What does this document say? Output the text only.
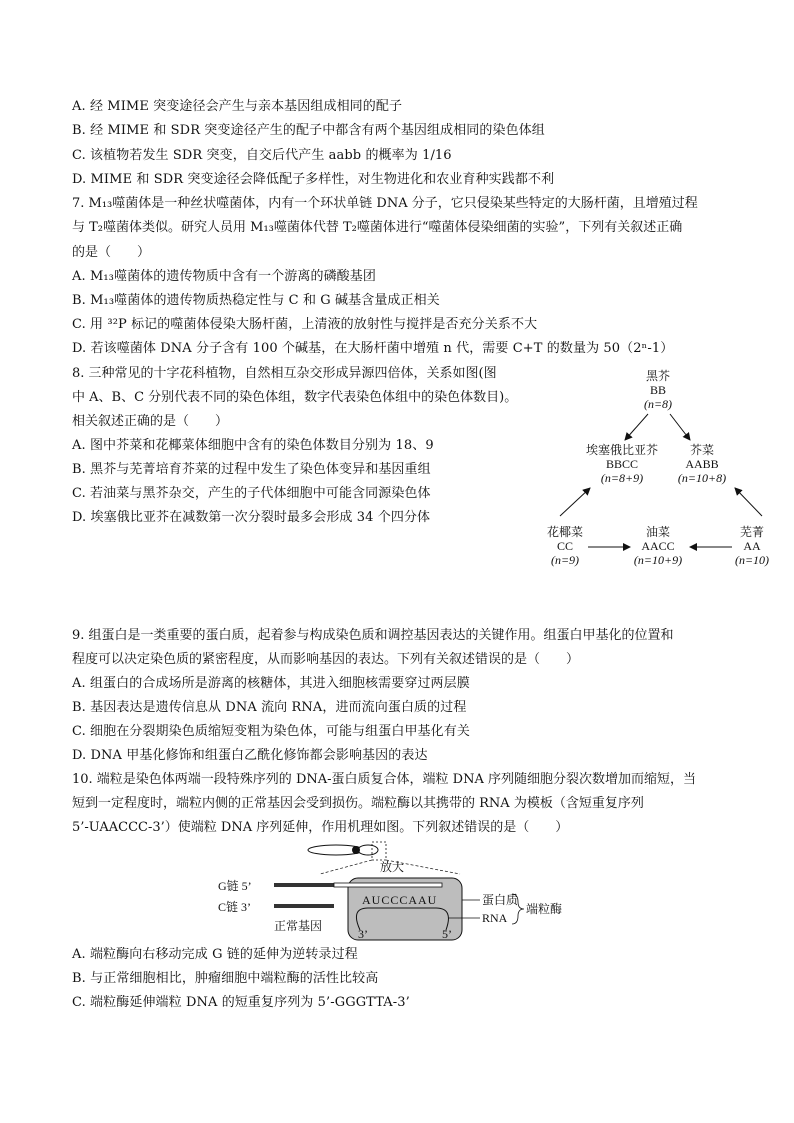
A. 经 MIME 突变途径会产生与亲本基因组成相同的配子
B. 经 MIME 和 SDR 突变途径产生的配子中都含有两个基因组成相同的染色体组
C. 该植物若发生 SDR 突变，自交后代产生 aabb 的概率为 1/16
D. MIME 和 SDR 突变途径会降低配子多样性，对生物进化和农业育种实践都不利
7. M₁₃噬菌体是一种丝状噬菌体，内有一个环状单链 DNA 分子，它只侵染某些特定的大肠杆菌，且增殖过程
与 T₂噬菌体类似。研究人员用 M₁₃噬菌体代替 T₂噬菌体进行“噬菌体侵染细菌的实验”，下列有关叙述正确
的是（　　）
A. M₁₃噬菌体的遗传物质中含有一个游离的磷酸基团
B. M₁₃噬菌体的遗传物质热稳定性与 C 和 G 碱基含量成正相关
C. 用 ³²P 标记的噬菌体侵染大肠杆菌，上清液的放射性与搅拌是否充分关系不大
D. 若该噬菌体 DNA 分子含有 100 个碱基，在大肠杆菌中增殖 n 代，需要 C+T 的数量为 50（2ⁿ-1）
8. 三种常见的十字花科植物，自然相互杂交形成异源四倍体，关系如图(图
中 A、B、C 分别代表不同的染色体组，数字代表染色体组中的染色体数目)。
相关叙述正确的是（　　）
A. 图中芥菜和花椰菜体细胞中含有的染色体数目分别为 18、9
B. 黑芥与芜菁培育芥菜的过程中发生了染色体变异和基因重组
C. 若油菜与黑芥杂交，产生的子代体细胞中可能含同源染色体
D. 埃塞俄比亚芥在减数第一次分裂时最多会形成 34 个四分体
黑芥
BB
(n=8)
埃塞俄比亚芥
BBCC
(n=8+9)
芥菜
AABB
(n=10+8)
花椰菜
CC
(n=9)
油菜
AACC
(n=10+9)
芜菁
AA
(n=10)
9. 组蛋白是一类重要的蛋白质，起着参与构成染色质和调控基因表达的关键作用。组蛋白甲基化的位置和
程度可以决定染色质的紧密程度，从而影响基因的表达。下列有关叙述错误的是（　　）
A. 组蛋白的合成场所是游离的核糖体，其进入细胞核需要穿过两层膜
B. 基因表达是遗传信息从 DNA 流向 RNA，进而流向蛋白质的过程
C. 细胞在分裂期染色质缩短变粗为染色体，可能与组蛋白甲基化有关
D. DNA 甲基化修饰和组蛋白乙酰化修饰都会影响基因的表达
10. 端粒是染色体两端一段特殊序列的 DNA-蛋白质复合体，端粒 DNA 序列随细胞分裂次数增加而缩短，当
短到一定程度时，端粒内侧的正常基因会受到损伤。端粒酶以其携带的 RNA 为模板（含短重复序列
5’-UAACCC-3’）使端粒 DNA 序列延伸，作用机理如图。下列叙述错误的是（　　）
放大
G链 5’
C链 3’	AUCCCAAU
3’	5’
正常基因
蛋白质
RNA
端粒酶
A. 端粒酶向右移动完成 G 链的延伸为逆转录过程
B. 与正常细胞相比，肿瘤细胞中端粒酶的活性比较高
C. 端粒酶延伸端粒 DNA 的短重复序列为 5’-GGGTTA-3’
